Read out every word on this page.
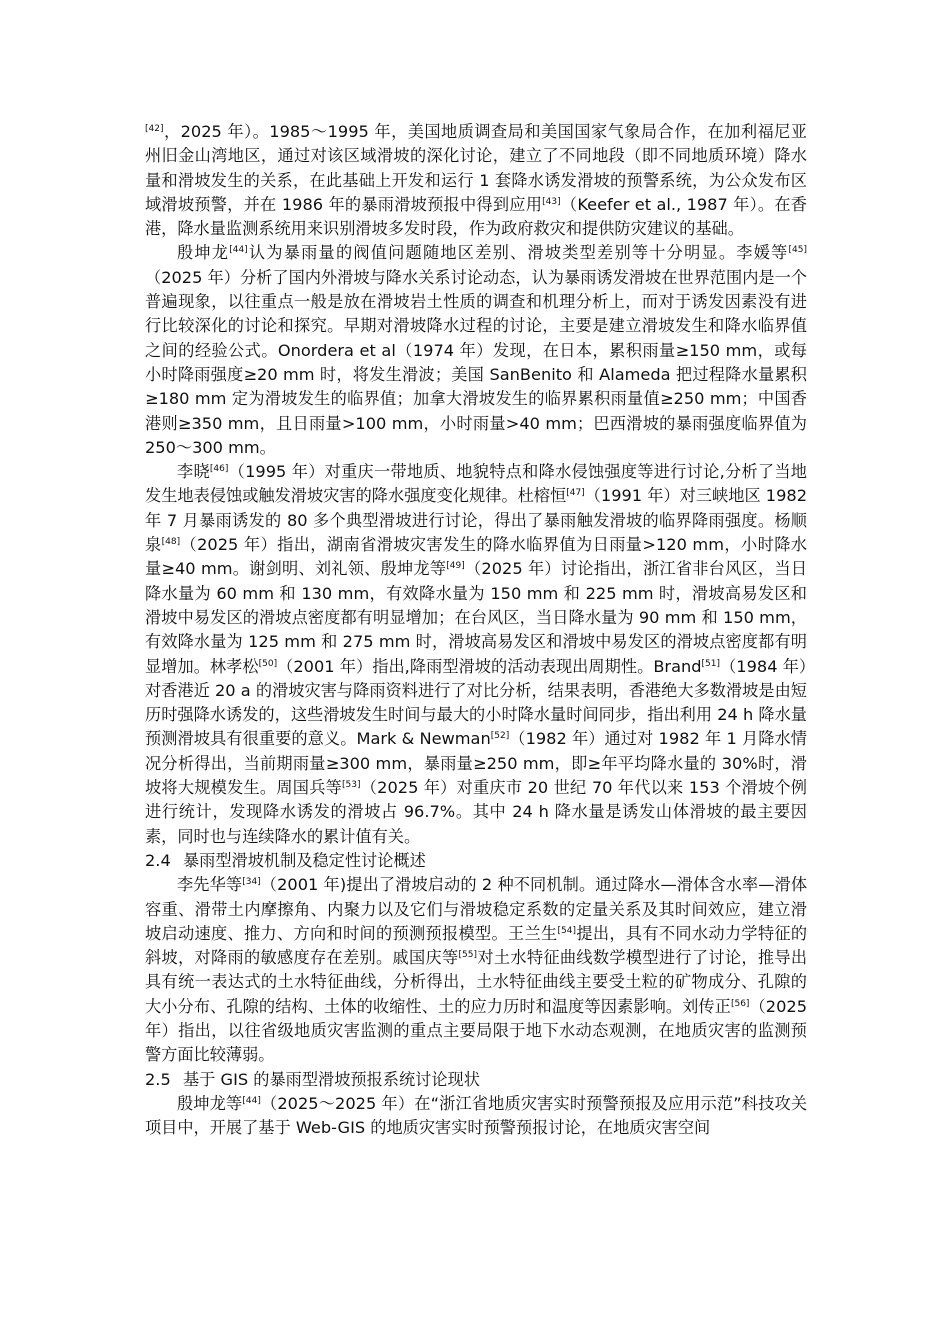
[42]，2025 年）。1985～1995 年，美国地质调查局和美国国家气象局合作，在加利福尼亚州旧金山湾地区，通过对该区域滑坡的深化讨论，建立了不同地段（即不同地质环境）降水量和滑坡发生的关系，在此基础上开发和运行 1 套降水诱发滑坡的预警系统，为公众发布区域滑坡预警，并在 1986 年的暴雨滑坡预报中得到应用[43]（Keefer et al., 1987 年）。在香港，降水量监测系统用来识别滑坡多发时段，作为政府救灾和提供防灾建议的基础。

殷坤龙[44]认为暴雨量的阀值问题随地区差别、滑坡类型差别等十分明显。李媛等[45]（2025 年）分析了国内外滑坡与降水关系讨论动态，认为暴雨诱发滑坡在世界范围内是一个普遍现象，以往重点一般是放在滑坡岩土性质的调查和机理分析上，而对于诱发因素没有进行比较深化的讨论和探究。早期对滑坡降水过程的讨论，主要是建立滑坡发生和降水临界值之间的经验公式。Onordera et al（1974 年）发现，在日本，累积雨量≥150 mm，或每小时降雨强度≥20 mm 时，将发生滑波；美国 SanBenito 和 Alameda 把过程降水量累积≥180 mm 定为滑坡发生的临界值；加拿大滑坡发生的临界累积雨量值≥250 mm；中国香港则≥350 mm，且日雨量>100 mm，小时雨量>40 mm；巴西滑坡的暴雨强度临界值为 250～300 mm。

李晓[46]（1995 年）对重庆一带地质、地貌特点和降水侵蚀强度等进行讨论,分析了当地发生地表侵蚀或触发滑坡灾害的降水强度变化规律。杜榕恒[47]（1991 年）对三峡地区 1982 年 7 月暴雨诱发的 80 多个典型滑坡进行讨论，得出了暴雨触发滑坡的临界降雨强度。杨顺泉[48]（2025 年）指出，湖南省滑坡灾害发生的降水临界值为日雨量>120 mm，小时降水量≥40 mm。谢剑明、刘礼领、殷坤龙等[49]（2025 年）讨论指出，浙江省非台风区，当日降水量为 60 mm 和 130 mm，有效降水量为 150 mm 和 225 mm 时，滑坡高易发区和滑坡中易发区的滑坡点密度都有明显增加；在台风区，当日降水量为 90 mm 和 150 mm，有效降水量为 125 mm 和 275 mm 时，滑坡高易发区和滑坡中易发区的滑坡点密度都有明显增加。林孝松[50]（2001 年）指出,降雨型滑坡的活动表现出周期性。Brand[51]（1984 年）对香港近 20 a 的滑坡灾害与降雨资料进行了对比分析，结果表明，香港绝大多数滑坡是由短历时强降水诱发的，这些滑坡发生时间与最大的小时降水量时间同步，指出利用 24 h 降水量预测滑坡具有很重要的意义。Mark & Newman[52]（1982 年）通过对 1982 年 1 月降水情况分析得出，当前期雨量≥300 mm，暴雨量≥250 mm，即≥年平均降水量的 30%时，滑坡将大规模发生。周国兵等[53]（2025 年）对重庆市 20 世纪 70 年代以来 153 个滑坡个例进行统计，发现降水诱发的滑坡占 96.7%。其中 24 h 降水量是诱发山体滑坡的最主要因素，同时也与连续降水的累计值有关。

2.4 暴雨型滑坡机制及稳定性讨论概述

李先华等[34]（2001 年)提出了滑坡启动的 2 种不同机制。通过降水—滑体含水率—滑体容重、滑带土内摩擦角、内聚力以及它们与滑坡稳定系数的定量关系及其时间效应，建立滑坡启动速度、推力、方向和时间的预测预报模型。王兰生[54]提出，具有不同水动力学特征的斜坡，对降雨的敏感度存在差别。戚国庆等[55]对土水特征曲线数学模型进行了讨论，推导出具有统一表达式的土水特征曲线，分析得出，土水特征曲线主要受土粒的矿物成分、孔隙的大小分布、孔隙的结构、土体的收缩性、土的应力历时和温度等因素影响。刘传正[56]（2025 年）指出，以往省级地质灾害监测的重点主要局限于地下水动态观测，在地质灾害的监测预警方面比较薄弱。

2.5 基于 GIS 的暴雨型滑坡预报系统讨论现状

殷坤龙等[44]（2025～2025 年）在“浙江省地质灾害实时预警预报及应用示范”科技攻关项目中，开展了基于 Web-GIS 的地质灾害实时预警预报讨论，在地质灾害空间
